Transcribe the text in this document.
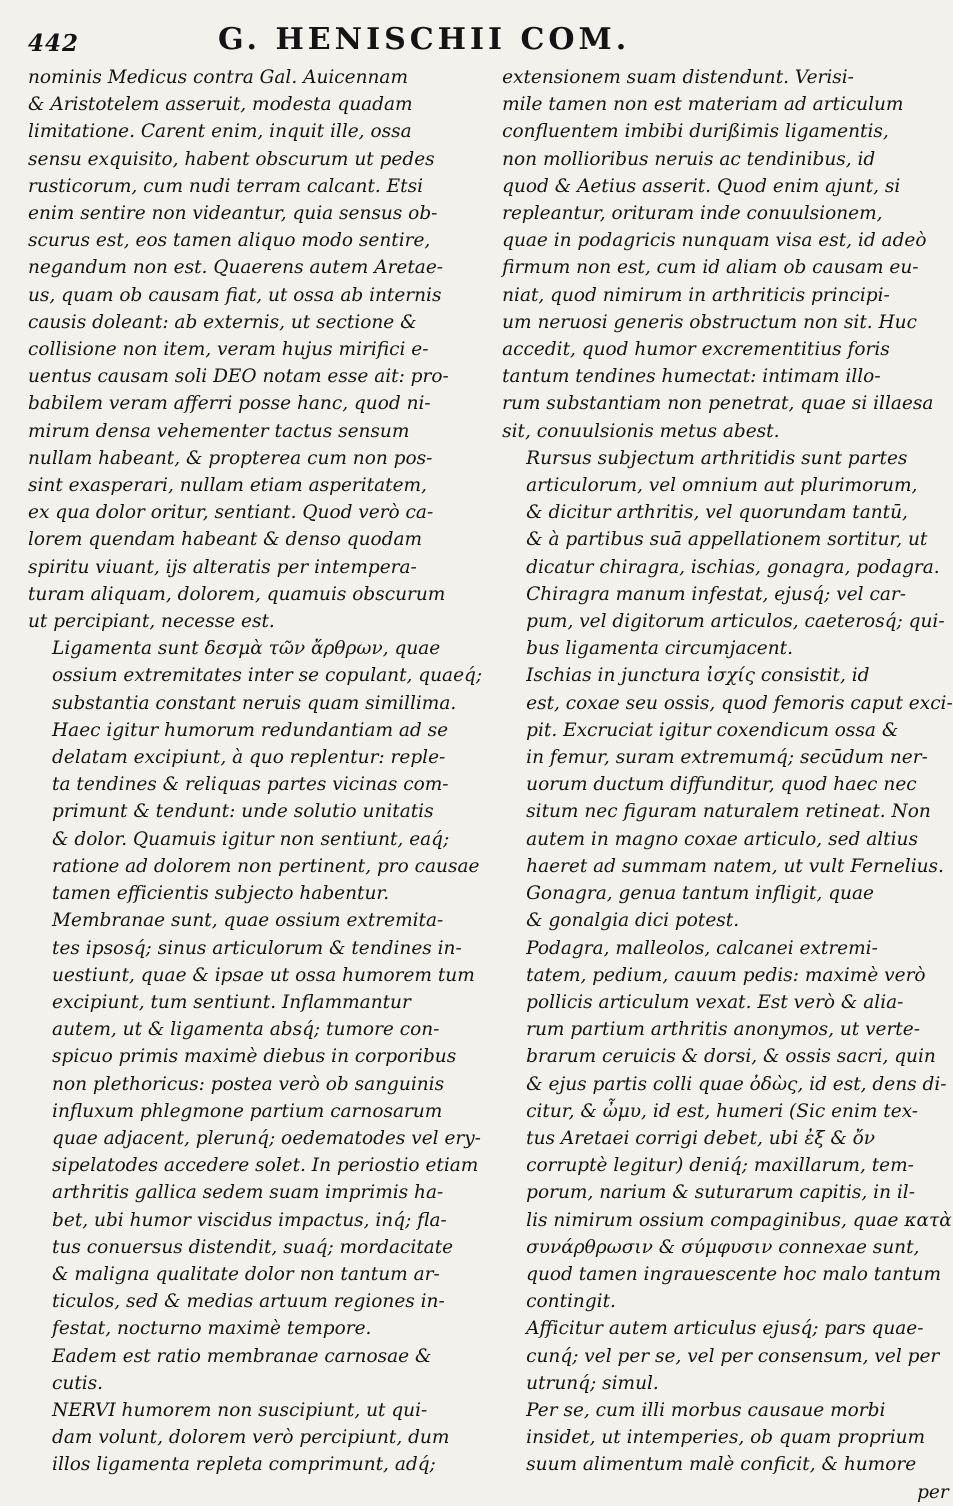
442	G. HENISCHII COM.

nominis Medicus contra Gal. Auicennam
& Aristotelem asseruit, modesta quadam
limitatione. Carent enim, inquit ille, ossa
sensu exquisito, habent obscurum ut pedes
rusticorum, cum nudi terram calcant. Etsi
enim sentire non videantur, quia sensus ob-
scurus est, eos tamen aliquo modo sentire,
negandum non est. Quaerens autem Aretae-
us, quam ob causam fiat, ut ossa ab internis
causis doleant: ab externis, ut sectione &
collisione non item, veram hujus mirifici e-
uentus causam soli DEO notam esse ait: pro-
babilem veram afferri posse hanc, quod ni-
mirum densa vehementer tactus sensum
nullam habeant, & propterea cum non pos-
sint exasperari, nullam etiam asperitatem,
ex qua dolor oritur, sentiant. Quod verò ca-
lorem quendam habeant & denso quodam
spiritu viuant, ijs alteratis per intempera-
turam aliquam, dolorem, quamuis obscurum
ut percipiant, necesse est.

Ligamenta sunt δεσμὰ τῶν ἄρθρων, quae
ossium extremitates inter se copulant, quaeq́;
substantia constant neruis quam simillima.
Haec igitur humorum redundantiam ad se
delatam excipiunt, à quo replentur: reple-
ta tendines & reliquas partes vicinas com-
primunt & tendunt: unde solutio unitatis
& dolor. Quamuis igitur non sentiunt, eaq́;
ratione ad dolorem non pertinent, pro causae
tamen efficientis subjecto habentur.

Membranae sunt, quae ossium extremita-
tes ipsosq́; sinus articulorum & tendines in-
uestiunt, quae & ipsae ut ossa humorem tum
excipiunt, tum sentiunt. Inflammantur
autem, ut & ligamenta absq́; tumore con-
spicuo primis maximè diebus in corporibus
non plethoricus: postea verò ob sanguinis
influxum phlegmone partium carnosarum
quae adjacent, plerunq́; oedematodes vel ery-
sipelatodes accedere solet. In periostio etiam
arthritis gallica sedem suam imprimis ha-
bet, ubi humor viscidus impactus, inq́; fla-
tus conuersus distendit, suaq́; mordacitate
& maligna qualitate dolor non tantum ar-
ticulos, sed & medias artuum regiones in-
festat, nocturno maximè tempore.

Eadem est ratio membranae carnosae &
cutis.

NERVI humorem non suscipiunt, ut qui-
dam volunt, dolorem verò percipiunt, dum
illos ligamenta repleta comprimunt, adq́;

extensionem suam distendunt. Verisi-
mile tamen non est materiam ad articulum
confluentem imbibi durißimis ligamentis,
non mollioribus neruis ac tendinibus, id
quod & Aetius asserit. Quod enim ajunt, si
repleantur, orituram inde conuulsionem,
quae in podagricis nunquam visa est, id adeò
firmum non est, cum id aliam ob causam eu-
niat, quod nimirum in arthriticis principi-
um neruosi generis obstructum non sit. Huc
accedit, quod humor excrementitius foris
tantum tendines humectat: intimam illo-
rum substantiam non penetrat, quae si illaesa
sit, conuulsionis metus abest.

Rursus subjectum arthritidis sunt partes
articulorum, vel omnium aut plurimorum,
& dicitur arthritis, vel quorundam tantū,
& à partibus suā appellationem sortitur, ut
dicatur chiragra, ischias, gonagra, podagra.

Chiragra manum infestat, ejusq́; vel car-
pum, vel digitorum articulos, caeterosq́; qui-
bus ligamenta circumjacent.

Ischias in junctura ἰσχίς consistit, id
est, coxae seu ossis, quod femoris caput exci-
pit. Excruciat igitur coxendicum ossa &
in femur, suram extremumq́; secūdum ner-
uorum ductum diffunditur, quod haec nec
situm nec figuram naturalem retineat. Non
autem in magno coxae articulo, sed altius
haeret ad summam natem, ut vult Fernelius.

Gonagra, genua tantum infligit, quae
& gonalgia dici potest.

Podagra, malleolos, calcanei extremi-
tatem, pedium, cauum pedis: maximè verò
pollicis articulum vexat. Est verò & alia-
rum partium arthritis anonymos, ut verte-
brarum ceruicis & dorsi, & ossis sacri, quin
& ejus partis colli quae ὀδὼς, id est, dens di-
citur, & ὦμυ, id est, humeri (Sic enim tex-
tus Aretaei corrigi debet, ubi ἐξ & ὄν
corruptè legitur) deniq́; maxillarum, tem-
porum, narium & suturarum capitis, in il-
lis nimirum ossium compaginibus, quae κατὰ
συνάρθρωσιν & σύμφυσιν connexae sunt,
quod tamen ingrauescente hoc malo tantum
contingit.

Afficitur autem articulus ejusq́; pars quae-
cunq́; vel per se, vel per consensum, vel per
utrunq́; simul.

Per se, cum illi morbus causaue morbi
insidet, ut intemperies, ob quam proprium
suum alimentum malè conficit, & humore

per
